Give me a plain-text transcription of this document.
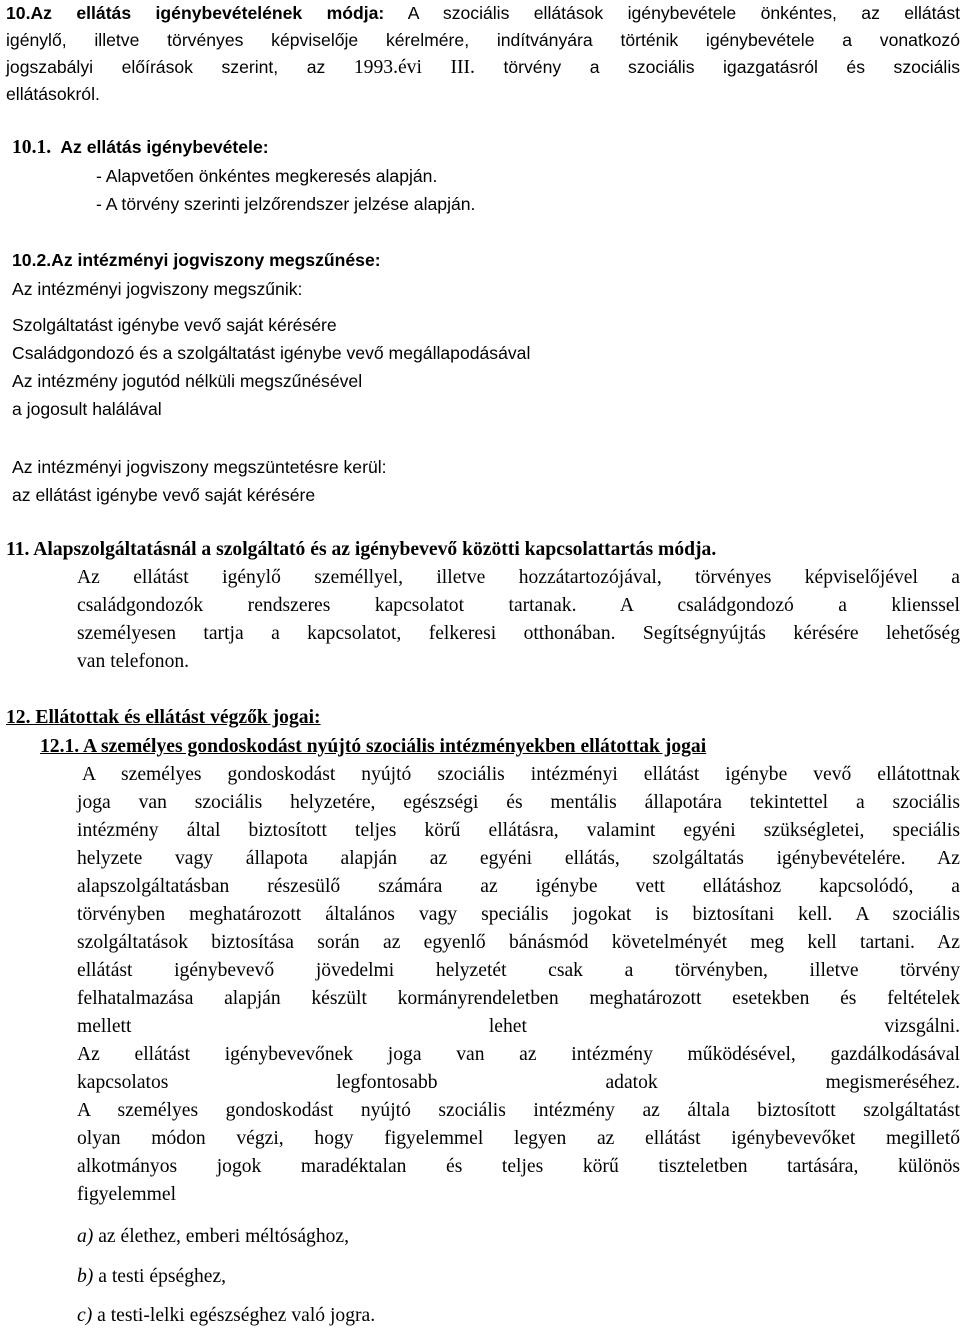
10.Az ellátás igénybevételének módja: A szociális ellátások igénybevétele önkéntes, az ellátást
igénylő, illetve törvényes képviselője kérelmére, indítványára történik igénybevétele a vonatkozó
jogszabályi előírások szerint, az 1993.évi III. törvény a szociális igazgatásról és szociális
ellátásokról.
10.1. Az ellátás igénybevétele:
- Alapvetően önkéntes megkeresés alapján.
- A törvény szerinti jelzőrendszer jelzése alapján.
10.2.Az intézményi jogviszony megszűnése:
Az intézményi jogviszony megszűnik:
Szolgáltatást igénybe vevő saját kérésére
Családgondozó és a szolgáltatást igénybe vevő megállapodásával
Az intézmény jogutód nélküli megszűnésével
a jogosult halálával
Az intézményi jogviszony megszüntetésre kerül:
az ellátást igénybe vevő saját kérésére
11. Alapszolgáltatásnál a szolgáltató és az igénybevevő közötti kapcsolattartás módja.
Az ellátást igénylő személlyel, illetve hozzátartozójával, törvényes képviselőjével a
családgondozók rendszeres kapcsolatot tartanak. A családgondozó a klienssel
személyesen tartja a kapcsolatot, felkeresi otthonában. Segítségnyújtás kérésére lehetőség
van telefonon.
12. Ellátottak és ellátást végzők jogai:
12.1. A személyes gondoskodást nyújtó szociális intézményekben ellátottak jogai
A személyes gondoskodást nyújtó szociális intézményi ellátást igénybe vevő ellátottnak
joga van szociális helyzetére, egészségi és mentális állapotára tekintettel a szociális
intézmény által biztosított teljes körű ellátásra, valamint egyéni szükségletei, speciális
helyzete vagy állapota alapján az egyéni ellátás, szolgáltatás igénybevételére. Az
alapszolgáltatásban részesülő számára az igénybe vett ellátáshoz kapcsolódó, a
törvényben meghatározott általános vagy speciális jogokat is biztosítani kell. A szociális
szolgáltatások biztosítása során az egyenlő bánásmód követelményét meg kell tartani. Az
ellátást igénybevevő jövedelmi helyzetét csak a törvényben, illetve törvény
felhatalmazása alapján készült kormányrendeletben meghatározott esetekben és feltételek
mellett lehet vizsgálni.
Az ellátást igénybevevőnek joga van az intézmény működésével, gazdálkodásával
kapcsolatos legfontosabb adatok megismeréséhez.
A személyes gondoskodást nyújtó szociális intézmény az általa biztosított szolgáltatást
olyan módon végzi, hogy figyelemmel legyen az ellátást igénybevevőket megillető
alkotmányos jogok maradéktalan és teljes körű tiszteletben tartására, különös
figyelemmel
a) az élethez, emberi méltósághoz,
b) a testi épséghez,
c) a testi-lelki egészséghez való jogra.
